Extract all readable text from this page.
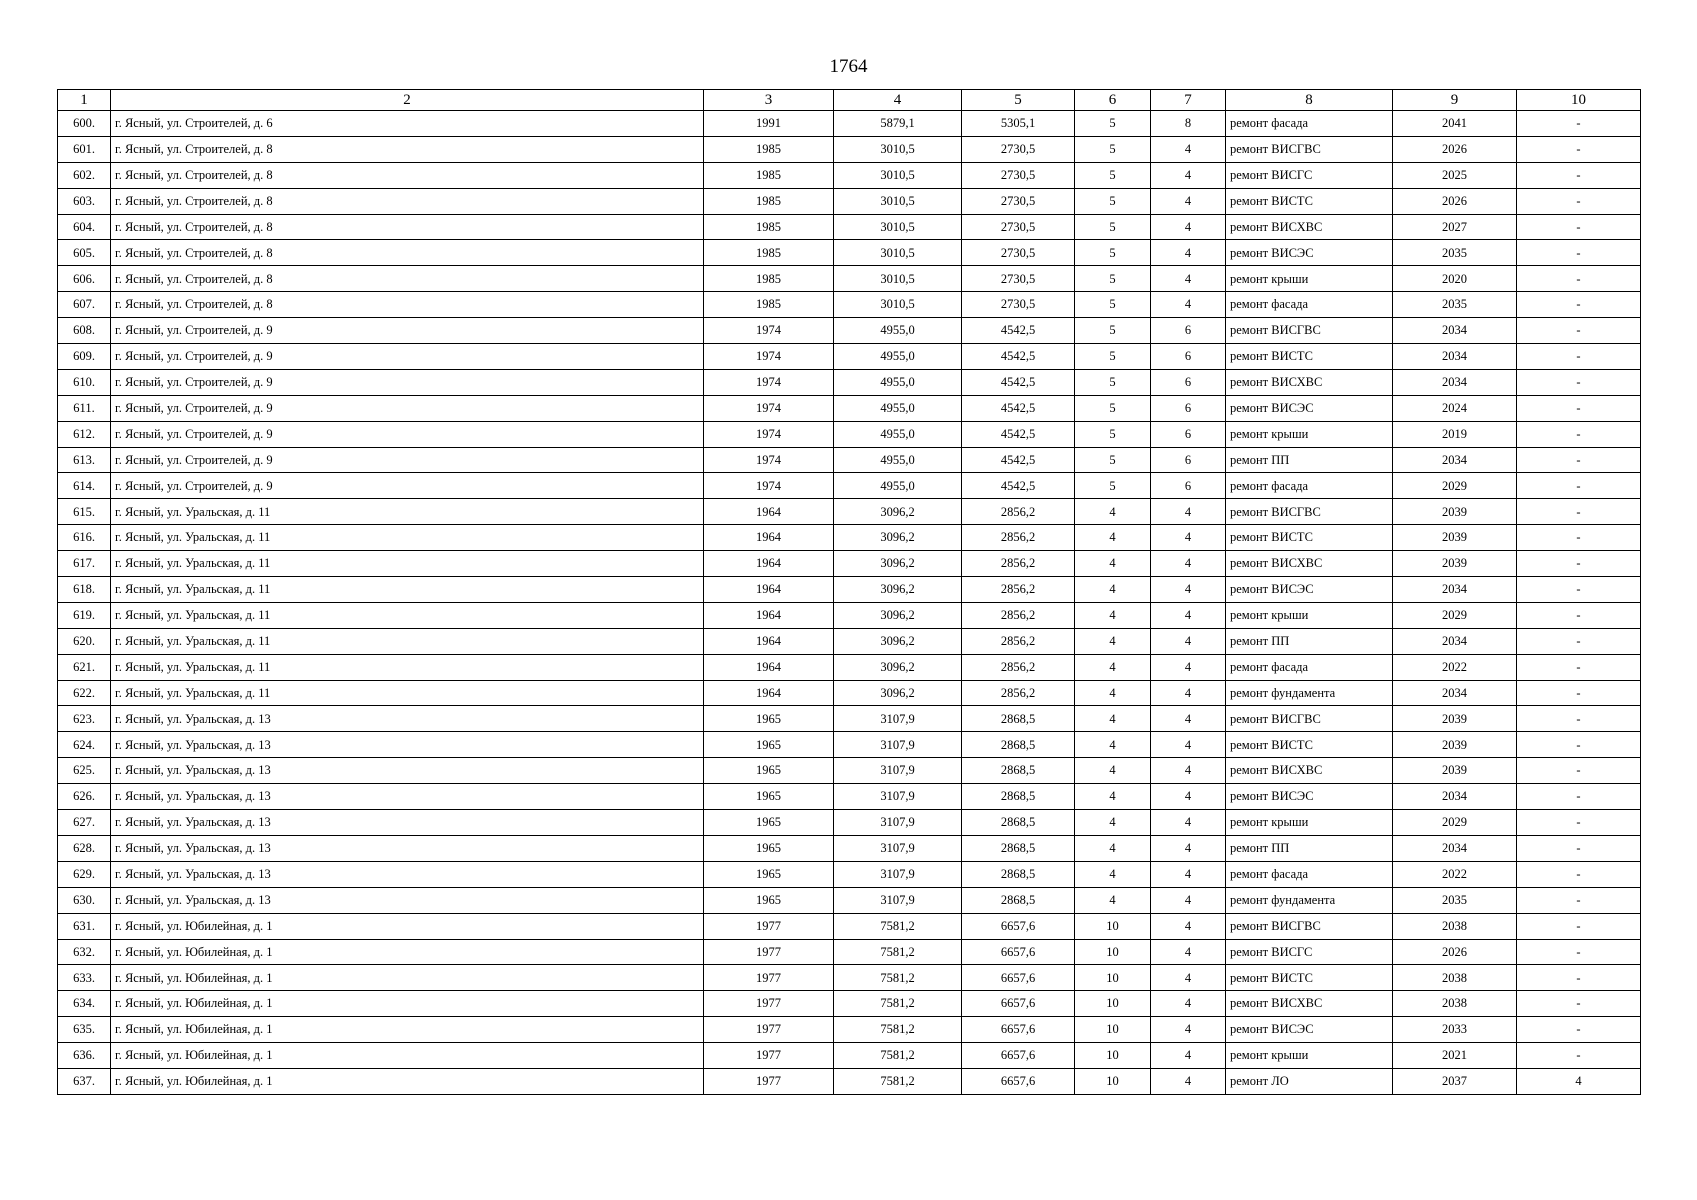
1764
1	2	3	4	5	6	7	8	9	10
600.	г. Ясный, ул. Строителей, д. 6	1991	5879,1	5305,1	5	8	ремонт фасада	2041	-
601.	г. Ясный, ул. Строителей, д. 8	1985	3010,5	2730,5	5	4	ремонт ВИСГВС	2026	-
602.	г. Ясный, ул. Строителей, д. 8	1985	3010,5	2730,5	5	4	ремонт ВИСГС	2025	-
603.	г. Ясный, ул. Строителей, д. 8	1985	3010,5	2730,5	5	4	ремонт ВИСТС	2026	-
604.	г. Ясный, ул. Строителей, д. 8	1985	3010,5	2730,5	5	4	ремонт ВИСХВС	2027	-
605.	г. Ясный, ул. Строителей, д. 8	1985	3010,5	2730,5	5	4	ремонт ВИСЭС	2035	-
606.	г. Ясный, ул. Строителей, д. 8	1985	3010,5	2730,5	5	4	ремонт крыши	2020	-
607.	г. Ясный, ул. Строителей, д. 8	1985	3010,5	2730,5	5	4	ремонт фасада	2035	-
608.	г. Ясный, ул. Строителей, д. 9	1974	4955,0	4542,5	5	6	ремонт ВИСГВС	2034	-
609.	г. Ясный, ул. Строителей, д. 9	1974	4955,0	4542,5	5	6	ремонт ВИСТС	2034	-
610.	г. Ясный, ул. Строителей, д. 9	1974	4955,0	4542,5	5	6	ремонт ВИСХВС	2034	-
611.	г. Ясный, ул. Строителей, д. 9	1974	4955,0	4542,5	5	6	ремонт ВИСЭС	2024	-
612.	г. Ясный, ул. Строителей, д. 9	1974	4955,0	4542,5	5	6	ремонт крыши	2019	-
613.	г. Ясный, ул. Строителей, д. 9	1974	4955,0	4542,5	5	6	ремонт ПП	2034	-
614.	г. Ясный, ул. Строителей, д. 9	1974	4955,0	4542,5	5	6	ремонт фасада	2029	-
615.	г. Ясный, ул. Уральская, д. 11	1964	3096,2	2856,2	4	4	ремонт ВИСГВС	2039	-
616.	г. Ясный, ул. Уральская, д. 11	1964	3096,2	2856,2	4	4	ремонт ВИСТС	2039	-
617.	г. Ясный, ул. Уральская, д. 11	1964	3096,2	2856,2	4	4	ремонт ВИСХВС	2039	-
618.	г. Ясный, ул. Уральская, д. 11	1964	3096,2	2856,2	4	4	ремонт ВИСЭС	2034	-
619.	г. Ясный, ул. Уральская, д. 11	1964	3096,2	2856,2	4	4	ремонт крыши	2029	-
620.	г. Ясный, ул. Уральская, д. 11	1964	3096,2	2856,2	4	4	ремонт ПП	2034	-
621.	г. Ясный, ул. Уральская, д. 11	1964	3096,2	2856,2	4	4	ремонт фасада	2022	-
622.	г. Ясный, ул. Уральская, д. 11	1964	3096,2	2856,2	4	4	ремонт фундамента	2034	-
623.	г. Ясный, ул. Уральская, д. 13	1965	3107,9	2868,5	4	4	ремонт ВИСГВС	2039	-
624.	г. Ясный, ул. Уральская, д. 13	1965	3107,9	2868,5	4	4	ремонт ВИСТС	2039	-
625.	г. Ясный, ул. Уральская, д. 13	1965	3107,9	2868,5	4	4	ремонт ВИСХВС	2039	-
626.	г. Ясный, ул. Уральская, д. 13	1965	3107,9	2868,5	4	4	ремонт ВИСЭС	2034	-
627.	г. Ясный, ул. Уральская, д. 13	1965	3107,9	2868,5	4	4	ремонт крыши	2029	-
628.	г. Ясный, ул. Уральская, д. 13	1965	3107,9	2868,5	4	4	ремонт ПП	2034	-
629.	г. Ясный, ул. Уральская, д. 13	1965	3107,9	2868,5	4	4	ремонт фасада	2022	-
630.	г. Ясный, ул. Уральская, д. 13	1965	3107,9	2868,5	4	4	ремонт фундамента	2035	-
631.	г. Ясный, ул. Юбилейная, д. 1	1977	7581,2	6657,6	10	4	ремонт ВИСГВС	2038	-
632.	г. Ясный, ул. Юбилейная, д. 1	1977	7581,2	6657,6	10	4	ремонт ВИСГС	2026	-
633.	г. Ясный, ул. Юбилейная, д. 1	1977	7581,2	6657,6	10	4	ремонт ВИСТС	2038	-
634.	г. Ясный, ул. Юбилейная, д. 1	1977	7581,2	6657,6	10	4	ремонт ВИСХВС	2038	-
635.	г. Ясный, ул. Юбилейная, д. 1	1977	7581,2	6657,6	10	4	ремонт ВИСЭС	2033	-
636.	г. Ясный, ул. Юбилейная, д. 1	1977	7581,2	6657,6	10	4	ремонт крыши	2021	-
637.	г. Ясный, ул. Юбилейная, д. 1	1977	7581,2	6657,6	10	4	ремонт ЛО	2037	4
